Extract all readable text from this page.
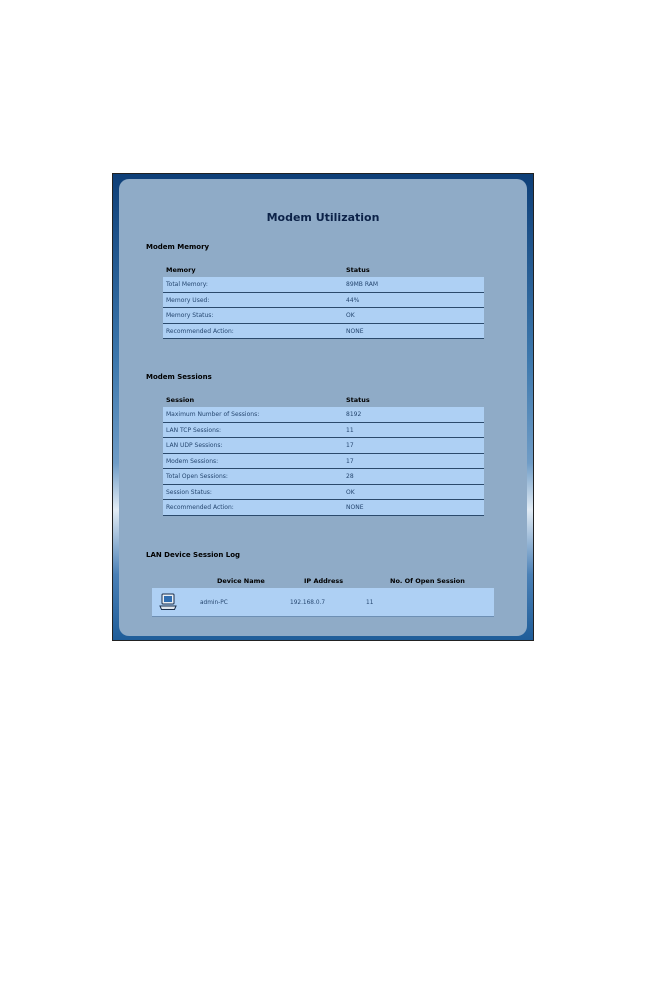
Modem Utilization
Modem Memory
Memory	Status
Total Memory:	89MB RAM
Memory Used:	44%
Memory Status:	OK
Recommended Action:	NONE
Modem Sessions
Session	Status
Maximum Number of Sessions:	8192
LAN TCP Sessions:	11
LAN UDP Sessions:	17
Modem Sessions:	17
Total Open Sessions:	28
Session Status:	OK
Recommended Action:	NONE
LAN Device Session Log
Device Name	IP Address	No. Of Open Session
admin-PC	192.168.0.7	11
